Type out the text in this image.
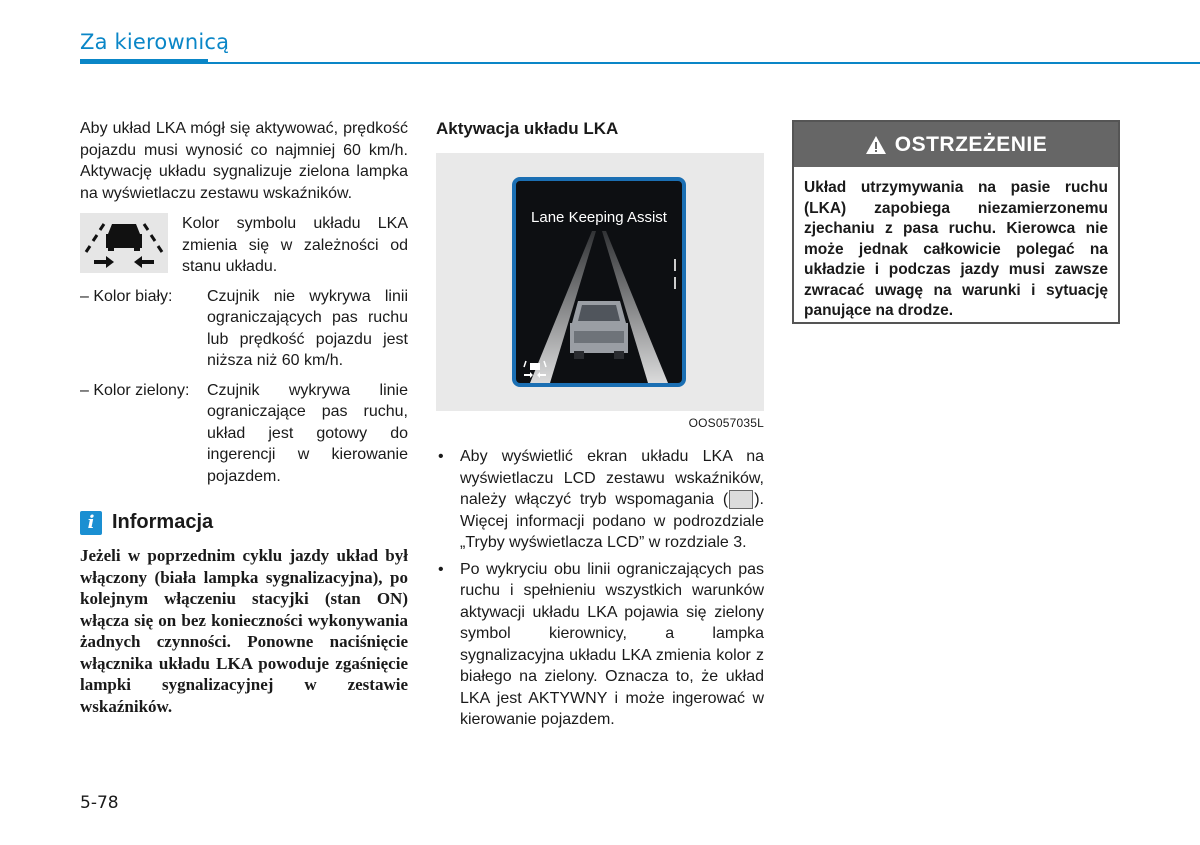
Za kierownicą

Aby układ LKA mógł się aktywować, prędkość pojazdu musi wynosić co najmniej 60 km/h. Aktywację układu sygnalizuje zielona lampka na wyświetlaczu zestawu wskaźników.

Kolor symbolu układu LKA zmienia się w zależności od stanu układu.

– Kolor biały:	Czujnik nie wykrywa linii ograniczających pas ruchu lub prędkość pojazdu jest niższa niż 60 km/h.
– Kolor zielony:	Czujnik wykrywa linie ograniczające pas ruchu, układ jest gotowy do ingerencji w kierowanie pojazdem.
i Informacja
Jeżeli w poprzednim cyklu jazdy układ był włączony (biała lampka sygnalizacyjna), po kolejnym włączeniu stacyjki (stan ON) włącza się on bez konieczności wykonywania żadnych czynności. Ponowne naciśnięcie włącznika układu LKA powoduje zgaśnięcie lampki sygnalizacyjnej w zestawie wskaźników.

Aktywacja układu LKA

Lane Keeping Assist
OOS057035L
•	Aby wyświetlić ekran układu LKA na wyświetlaczu LCD zestawu wskaźników, należy włączyć tryb wspomagania ( ). Więcej informacji podano w podrozdziale „Tryby wyświetlacza LCD” w rozdziale 3.
•	Po wykryciu obu linii ograniczających pas ruchu i spełnieniu wszystkich warunków aktywacji układu LKA pojawia się zielony symbol kierownicy, a lampka sygnalizacyjna układu LKA zmienia kolor z białego na zielony. Oznacza to, że układ LKA jest AKTYWNY i może ingerować w kierowanie pojazdem.
OSTRZEŻENIE
Układ utrzymywania na pasie ruchu (LKA) zapobiega niezamierzonemu zjechaniu z pasa ruchu. Kierowca nie może jednak całkowicie polegać na układzie i podczas jazdy musi zawsze zwracać uwagę na warunki i sytuację panujące na drodze.
5-78
